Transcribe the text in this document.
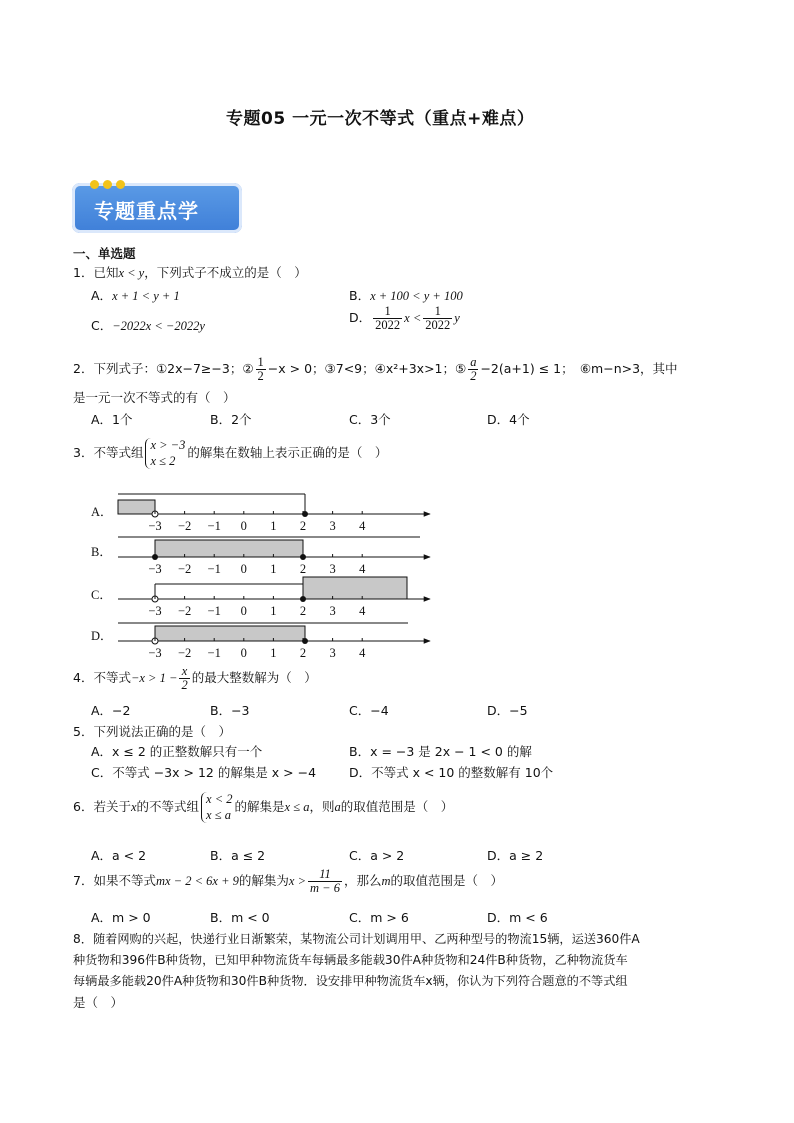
专题05 一元一次不等式（重点+难点）
专题重点学
一、单选题
1．已知x < y，下列式子不成立的是（　）
A．x + 1 < y + 1	B．x + 100 < y + 100
C．−2022x < −2022y
D． $\frac{1}{2022}$ $x < \frac{1}{2022}$ y
2．下列式子：①2x−7≥−3；② $\frac{1}{2} -x > 0$；③7<9；④x²+3x>1；⑤ $\frac{a}{2} -2(a+1) \le 1$；　⑥m−n>3，其中
是一元一次不等式的有（　）
A．1个	B．2个	C．3个	D．4个
3．不等式组
x > −3
x ≤ 2
的解集在数轴上表示正确的是（　）
A．
−3 −2 −1 0 1 2 3 4
B．
−3 −2 −1 0 1 2 3 4
C．
−3 −2 −1 0 1 2 3 4
D．
−3 −2 −1 0 1 2 3 4
4．不等式$-x > 1 - \frac{x}{2}$ 的最大整数解为（　）
A．−2	B．−3	C．−4	D．−5
5．下列说法正确的是（　）
A．x ≤ 2 的正整数解只有一个	B．x = −3 是 2x − 1 < 0 的解
C．不等式 −3x > 12 的解集是 x > −4	D．不等式 x < 10 的整数解有 10个
6．若关于x的不等式组
x < 2
x ≤ a
的解集是x ≤ a，则a的取值范围是（　）
A．a < 2	B．a ≤ 2	C．a > 2	D．a ≥ 2
7．如果不等式mx − 2 < 6x + 9的解集为$x > \frac{11}{m - 6}$ ，那么m的取值范围是（　）
A．m > 0	B．m < 0	C．m > 6	D．m < 6
8．随着网购的兴起，快递行业日渐繁荣，某物流公司计划调用甲、乙两种型号的物流15辆，运送360件A
种货物和396件B种货物，已知甲种物流货车每辆最多能载30件A种货物和24件B种货物，乙种物流货车
每辆最多能载20件A种货物和30件B种货物．设安排甲种物流货车x辆，你认为下列符合题意的不等式组
是（　）
